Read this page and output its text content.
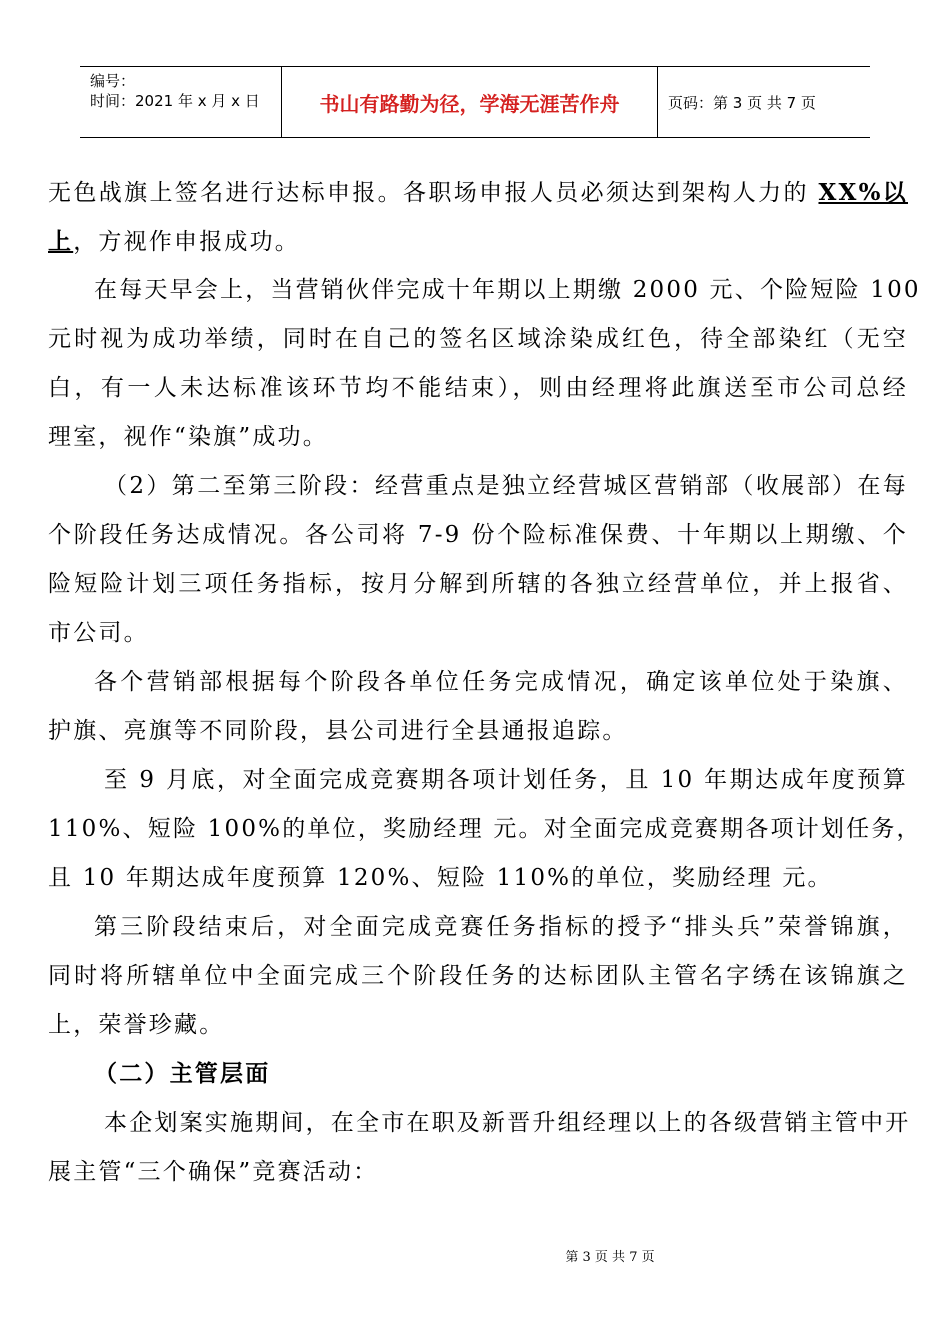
编号：
时间：2021 年 x 月 x 日	书山有路勤为径，学海无涯苦作舟	页码：第 3 页 共 7 页
无色战旗上签名进行达标申报。各职场申报人员必须达到架构人力的 XX%以
上，方视作申报成功。
在每天早会上，当营销伙伴完成十年期以上期缴 2000 元、个险短险 100
元时视为成功举绩，同时在自己的签名区域涂染成红色，待全部染红（无空
白，有一人未达标准该环节均不能结束），则由经理将此旗送至市公司总经
理室，视作“染旗”成功。
（2）第二至第三阶段：经营重点是独立经营城区营销部（收展部）在每
个阶段任务达成情况。各公司将 7-9 份个险标准保费、十年期以上期缴、个
险短险计划三项任务指标，按月分解到所辖的各独立经营单位，并上报省、
市公司。
各个营销部根据每个阶段各单位任务完成情况，确定该单位处于染旗、
护旗、亮旗等不同阶段，县公司进行全县通报追踪。
至 9 月底，对全面完成竞赛期各项计划任务，且 10 年期达成年度预算
110%、短险 100%的单位，奖励经理 元。对全面完成竞赛期各项计划任务，
且 10 年期达成年度预算 120%、短险 110%的单位，奖励经理 元。
第三阶段结束后，对全面完成竞赛任务指标的授予“排头兵”荣誉锦旗，
同时将所辖单位中全面完成三个阶段任务的达标团队主管名字绣在该锦旗之
上，荣誉珍藏。
（二）主管层面
本企划案实施期间，在全市在职及新晋升组经理以上的各级营销主管中开
展主管“三个确保”竞赛活动：
第 3 页 共 7 页
